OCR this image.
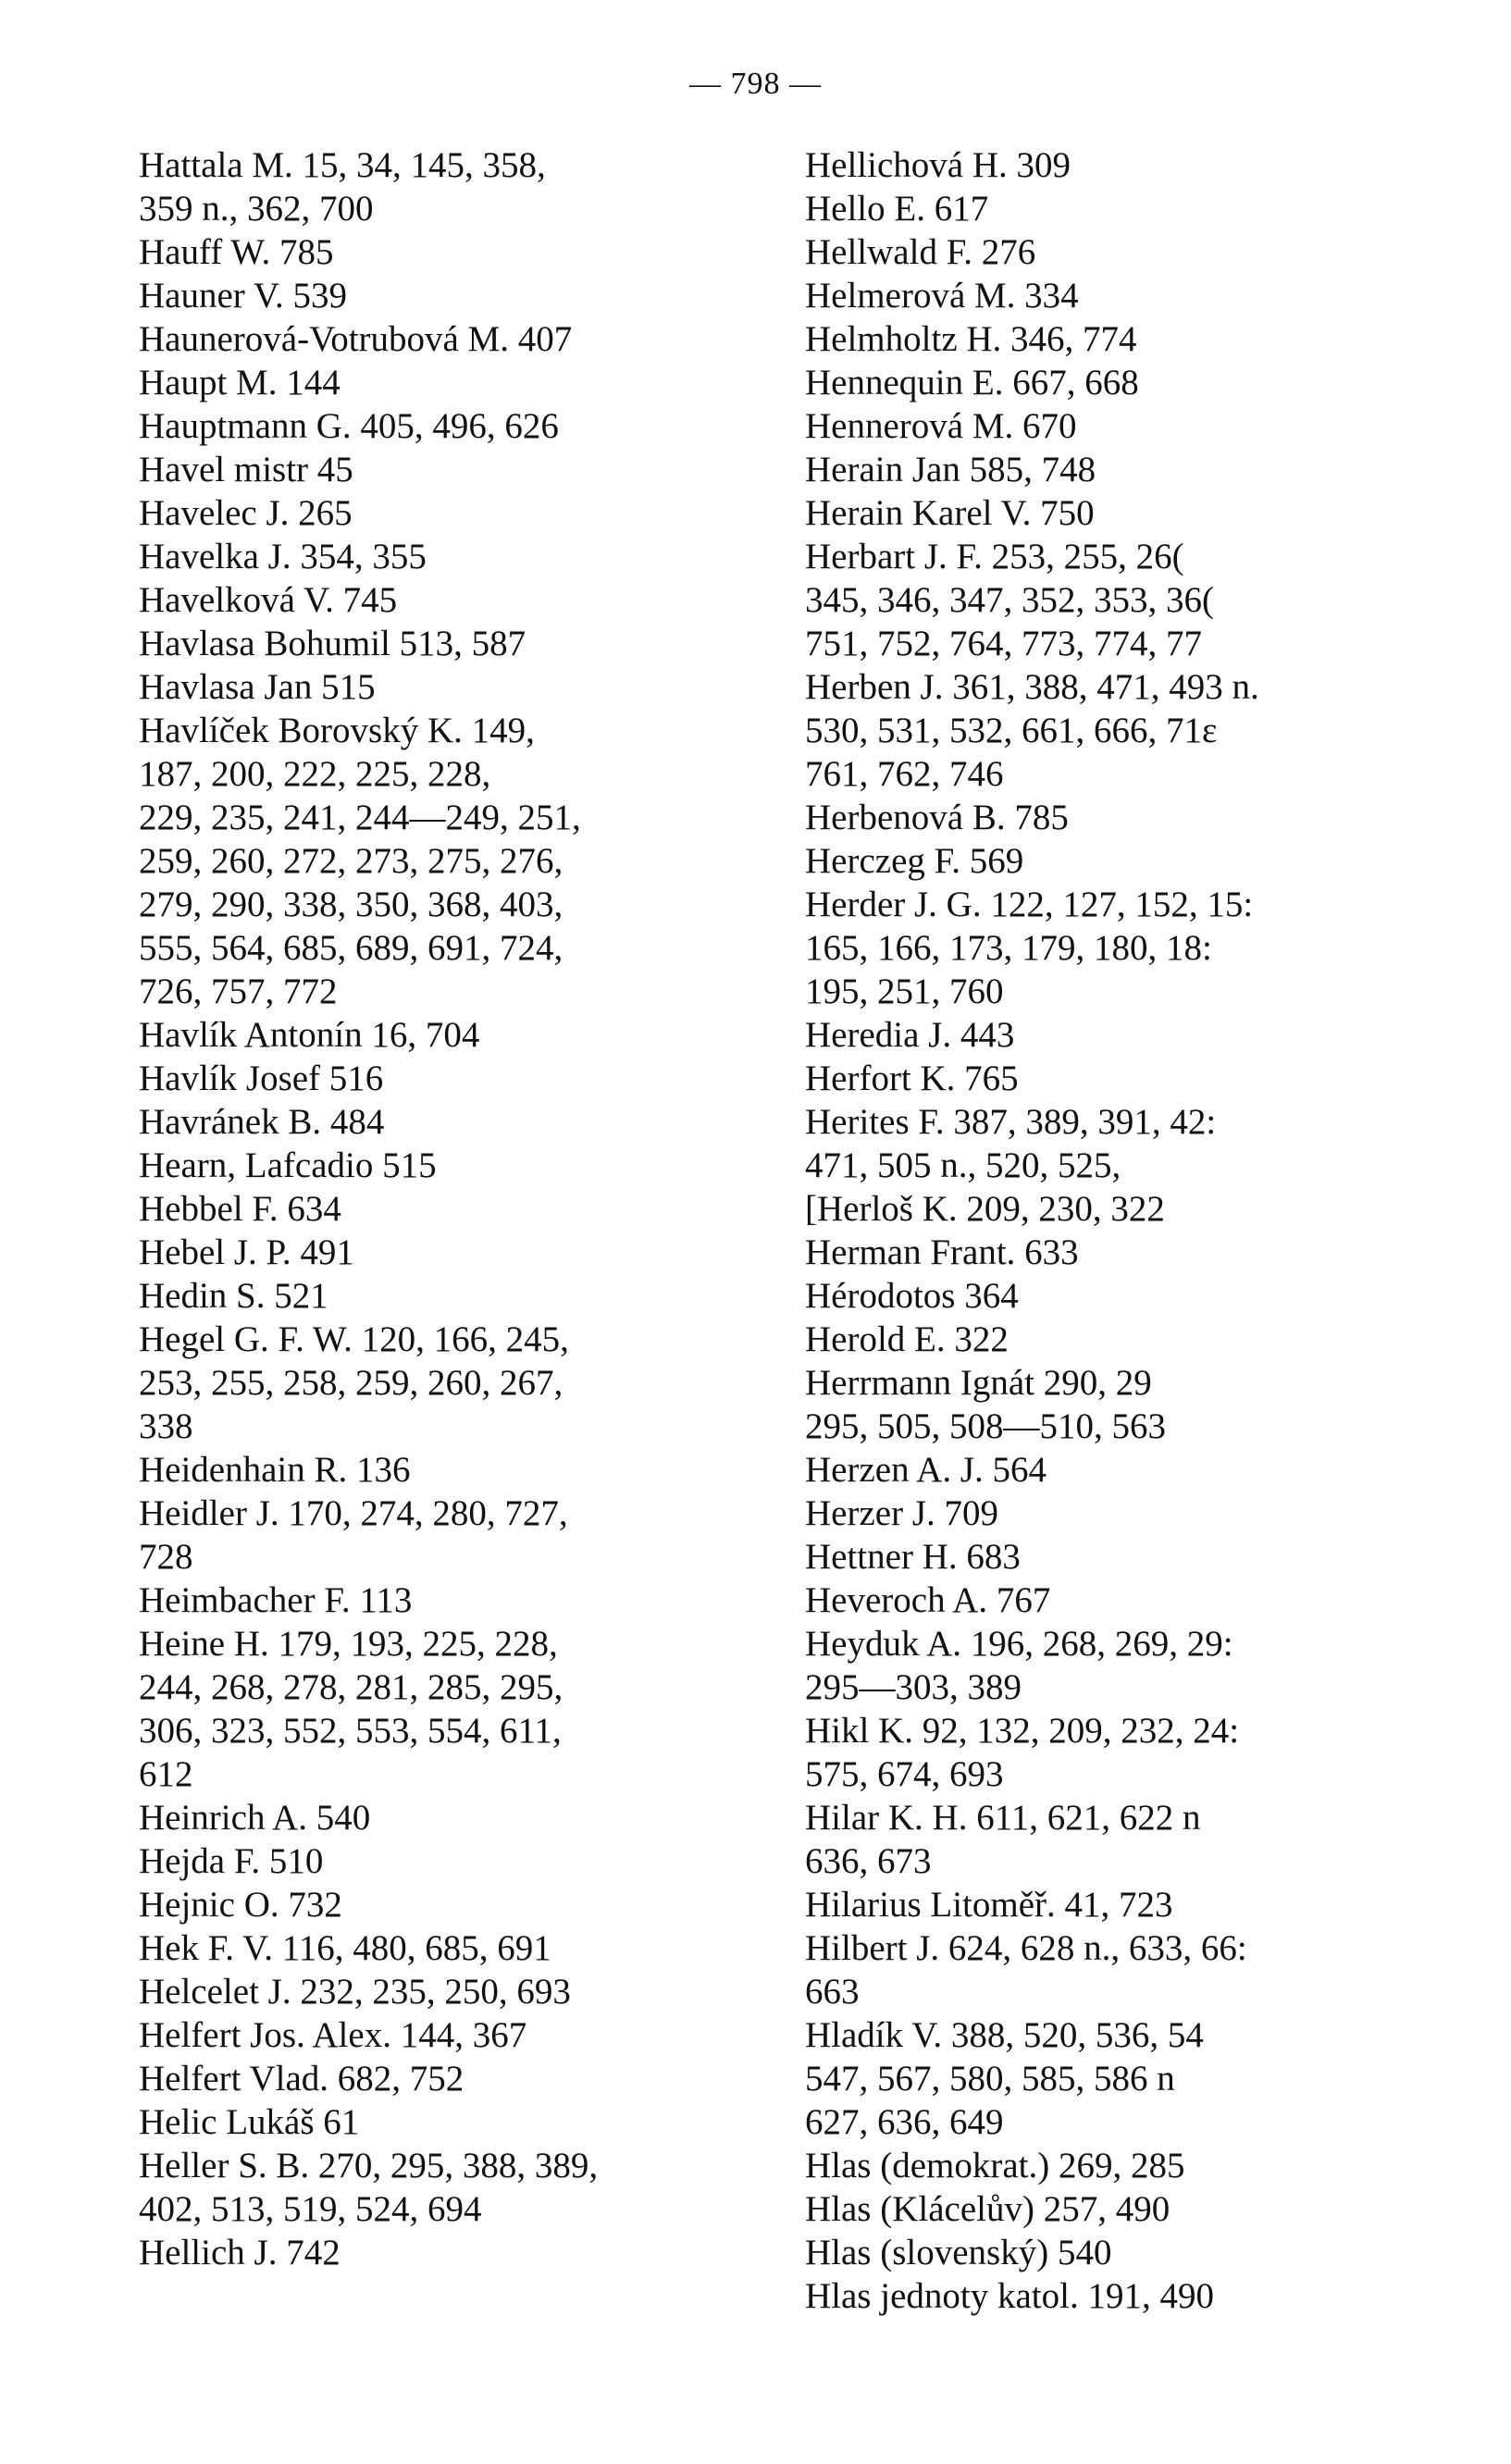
— 798 —
Hattala M. 15, 34, 145, 358,
359 n., 362, 700
Hauff W. 785
Hauner V. 539
Haunerová-Votrubová M. 407
Haupt M. 144
Hauptmann G. 405, 496, 626
Havel mistr 45
Havelec J. 265
Havelka J. 354, 355
Havelková V. 745
Havlasa Bohumil 513, 587
Havlasa Jan 515
Havlíček Borovský K. 149,
187, 200, 222, 225, 228,
229, 235, 241, 244—249, 251,
259, 260, 272, 273, 275, 276,
279, 290, 338, 350, 368, 403,
555, 564, 685, 689, 691, 724,
726, 757, 772
Havlík Antonín 16, 704
Havlík Josef 516
Havránek B. 484
Hearn, Lafcadio 515
Hebbel F. 634
Hebel J. P. 491
Hedin S. 521
Hegel G. F. W. 120, 166, 245,
253, 255, 258, 259, 260, 267,
338
Heidenhain R. 136
Heidler J. 170, 274, 280, 727,
728
Heimbacher F. 113
Heine H. 179, 193, 225, 228,
244, 268, 278, 281, 285, 295,
306, 323, 552, 553, 554, 611,
612
Heinrich A. 540
Hejda F. 510
Hejnic O. 732
Hek F. V. 116, 480, 685, 691
Helcelet J. 232, 235, 250, 693
Helfert Jos. Alex. 144, 367
Helfert Vlad. 682, 752
Helic Lukáš 61
Heller S. B. 270, 295, 388, 389,
402, 513, 519, 524, 694
Hellich J. 742
Hellichová H. 309
Hello E. 617
Hellwald F. 276
Helmerová M. 334
Helmholtz H. 346, 774
Hennequin E. 667, 668
Hennerová M. 670
Herain Jan 585, 748
Herain Karel V. 750
Herbart J. F. 253, 255, 26(
345, 346, 347, 352, 353, 36(
751, 752, 764, 773, 774, 77
Herben J. 361, 388, 471, 493 n.
530, 531, 532, 661, 666, 71ε
761, 762, 746
Herbenová B. 785
Herczeg F. 569
Herder J. G. 122, 127, 152, 15:
165, 166, 173, 179, 180, 18:
195, 251, 760
Heredia J. 443
Herfort K. 765
Herites F. 387, 389, 391, 42:
471, 505 n., 520, 525,
[Herloš K. 209, 230, 322
Herman Frant. 633
Hérodotos 364
Herold E. 322
Herrmann Ignát 290, 29
295, 505, 508—510, 563
Herzen A. J. 564
Herzer J. 709
Hettner H. 683
Heveroch A. 767
Heyduk A. 196, 268, 269, 29:
295—303, 389
Hikl K. 92, 132, 209, 232, 24:
575, 674, 693
Hilar K. H. 611, 621, 622 n
636, 673
Hilarius Litoměř. 41, 723
Hilbert J. 624, 628 n., 633, 66:
663
Hladík V. 388, 520, 536, 54
547, 567, 580, 585, 586 n
627, 636, 649
Hlas (demokrat.) 269, 285
Hlas (Klácelův) 257, 490
Hlas (slovenský) 540
Hlas jednoty katol. 191, 490
